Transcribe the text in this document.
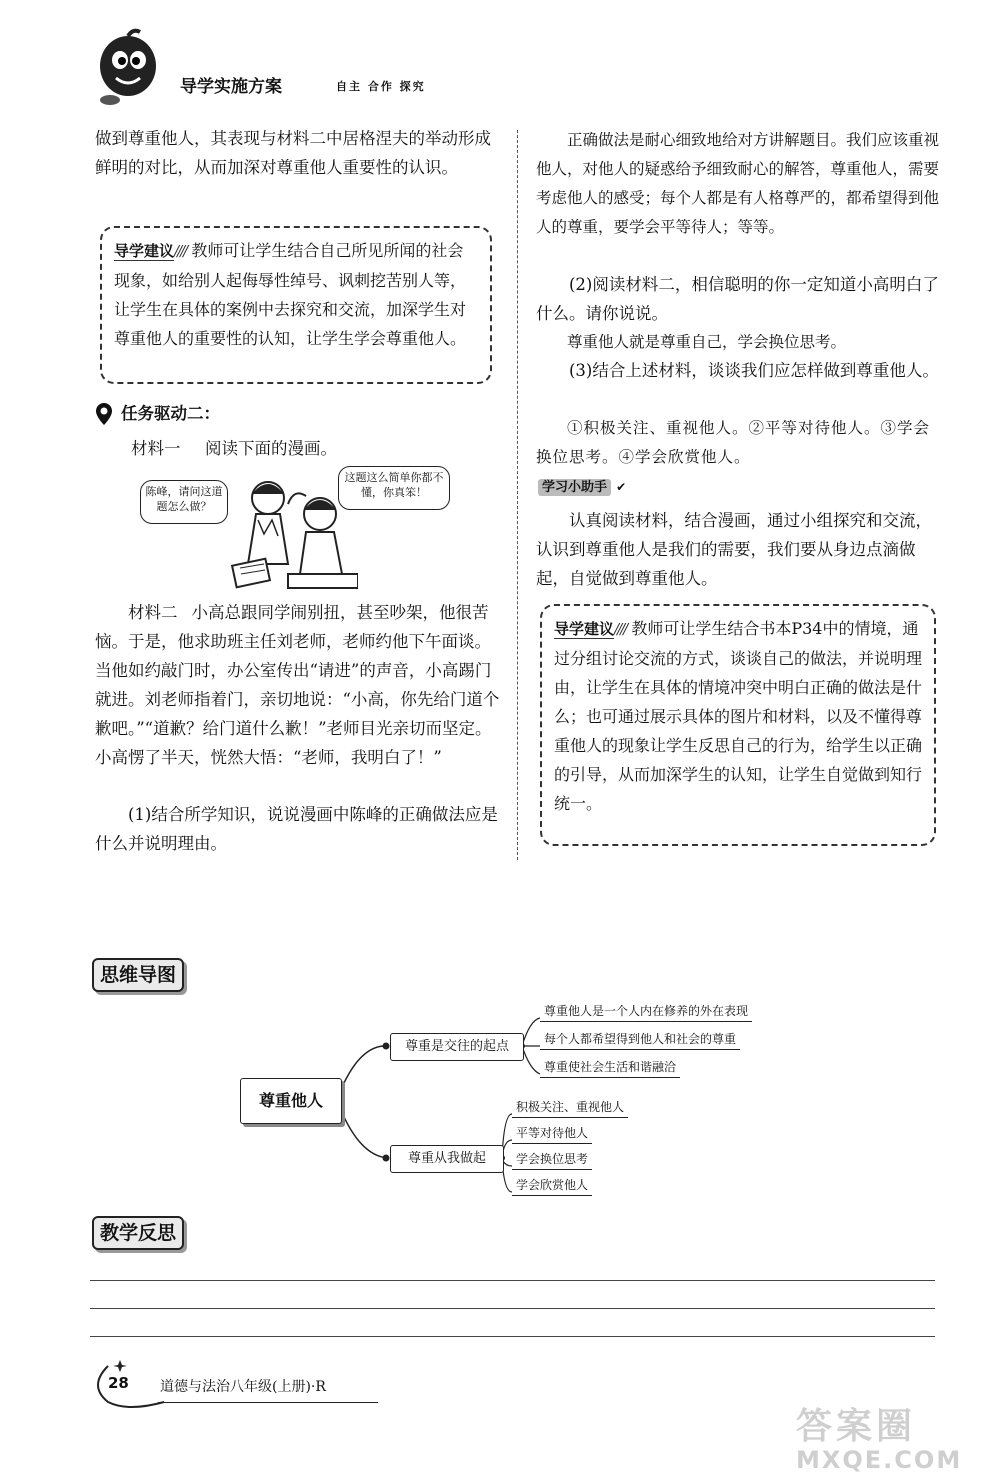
导学实施方案	自主 合作 探究

做到尊重他人，其表现与材料二中居格涅夫的举动形成鲜明的对比，从而加深对尊重他人重要性的认识。

导学建议//// 教师可让学生结合自己所见所闻的社会现象，如给别人起侮辱性绰号、讽刺挖苦别人等，让学生在具体的案例中去探究和交流，加深学生对尊重他人的重要性的认知，让学生学会尊重他人。

任务驱动二：
材料一 阅读下面的漫画。
陈峰，请问这道题怎么做？
这题这么简单你都不懂，你真笨！

材料二 小高总跟同学闹别扭，甚至吵架，他很苦恼。于是，他求助班主任刘老师，老师约他下午面谈。当他如约敲门时，办公室传出“请进”的声音，小高踢门就进。刘老师指着门，亲切地说：“小高，你先给门道个歉吧。”“道歉？给门道什么歉！”老师目光亲切而坚定。小高愣了半天，恍然大悟：“老师，我明白了！”

(1)结合所学知识，说说漫画中陈峰的正确做法应是什么并说明理由。

正确做法是耐心细致地给对方讲解题目。我们应该重视他人，对他人的疑惑给予细致耐心的解答，尊重他人，需要考虑他人的感受；每个人都是有人格尊严的，都希望得到他人的尊重，要学会平等待人；等等。

(2)阅读材料二，相信聪明的你一定知道小高明白了什么。请你说说。

尊重他人就是尊重自己，学会换位思考。

(3)结合上述材料，谈谈我们应怎样做到尊重他人。

①积极关注、重视他人。②平等对待他人。③学会换位思考。④学会欣赏他人。

学习小助手 ✔

认真阅读材料，结合漫画，通过小组探究和交流，认识到尊重他人是我们的需要，我们要从身边点滴做起，自觉做到尊重他人。

导学建议//// 教师可让学生结合书本P34中的情境，通过分组讨论交流的方式，谈谈自己的做法，并说明理由，让学生在具体的情境冲突中明白正确的做法是什么；也可通过展示具体的图片和材料，以及不懂得尊重他人的现象让学生反思自己的行为，给学生以正确的引导，从而加深学生的认知，让学生自觉做到知行统一。

思维导图
尊重他人
尊重是交往的起点
尊重从我做起
尊重他人是一个人内在修养的外在表现
每个人都希望得到他人和社会的尊重
尊重使社会生活和谐融洽
积极关注、重视他人
平等对待他人
学会换位思考
学会欣赏他人
教学反思
28 道德与法治八年级(上册)·R
答案圈
MXQE.COM
